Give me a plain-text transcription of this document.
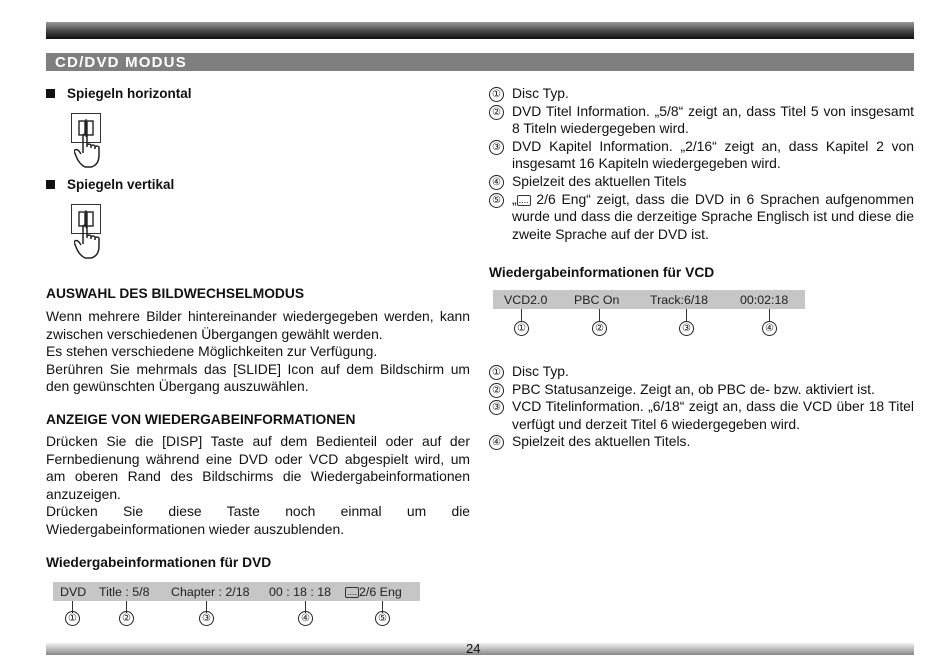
CD/DVD MODUS
Spiegeln horizontal
Spiegeln vertikal
AUSWAHL DES BILDWECHSELMODUS

Wenn mehrere Bilder hintereinander wiedergegeben werden, kann zwischen verschiedenen Übergangen gewählt werden.

Es stehen verschiedene Möglichkeiten zur Verfügung.

Berühren Sie mehrmals das [SLIDE] Icon auf dem Bildschirm um den gewünschten Übergang auszuwählen.

ANZEIGE VON WIEDERGABEINFORMATIONEN

Drücken Sie die [DISP] Taste auf dem Bedienteil oder auf der Fernbedienung während eine DVD oder VCD abgespielt wird, um am oberen Rand des Bildschirms die Wiedergabeinformationen anzuzeigen.

Drücken Sie diese Taste noch einmal um die Wiedergabeinformationen wieder auszublenden.

Wiedergabeinformationen für DVD
DVD Title : 5/8 Chapter : 2/18 00 : 18 : 18 .... 2/6 Eng
①	②	③	④	⑤
① Disc Typ.
② DVD Titel Information. „5/8“ zeigt an, dass Titel 5 von insgesamt 8 Titeln wiedergegeben wird.
③ DVD Kapitel Information. „2/16“ zeigt an, dass Kapitel 2 von insgesamt 16 Kapiteln wiedergegeben wird.
④ Spielzeit des aktuellen Titels
⑤ „ .... 2/6 Eng“ zeigt, dass die DVD in 6 Sprachen aufgenommen wurde und dass die derzeitige Sprache Englisch ist und diese die zweite Sprache auf der DVD ist.
Wiedergabeinformationen für VCD
VCD2.0 PBC On Track:6/18	00:02:18
①	②	③	④
① Disc Typ.
② PBC Statusanzeige. Zeigt an, ob PBC de- bzw. aktiviert ist.
③ VCD Titelinformation. „6/18“ zeigt an, dass die VCD über 18 Titel verfügt und derzeit Titel 6 wiedergegeben wird.
④ Spielzeit des aktuellen Titels.
24
